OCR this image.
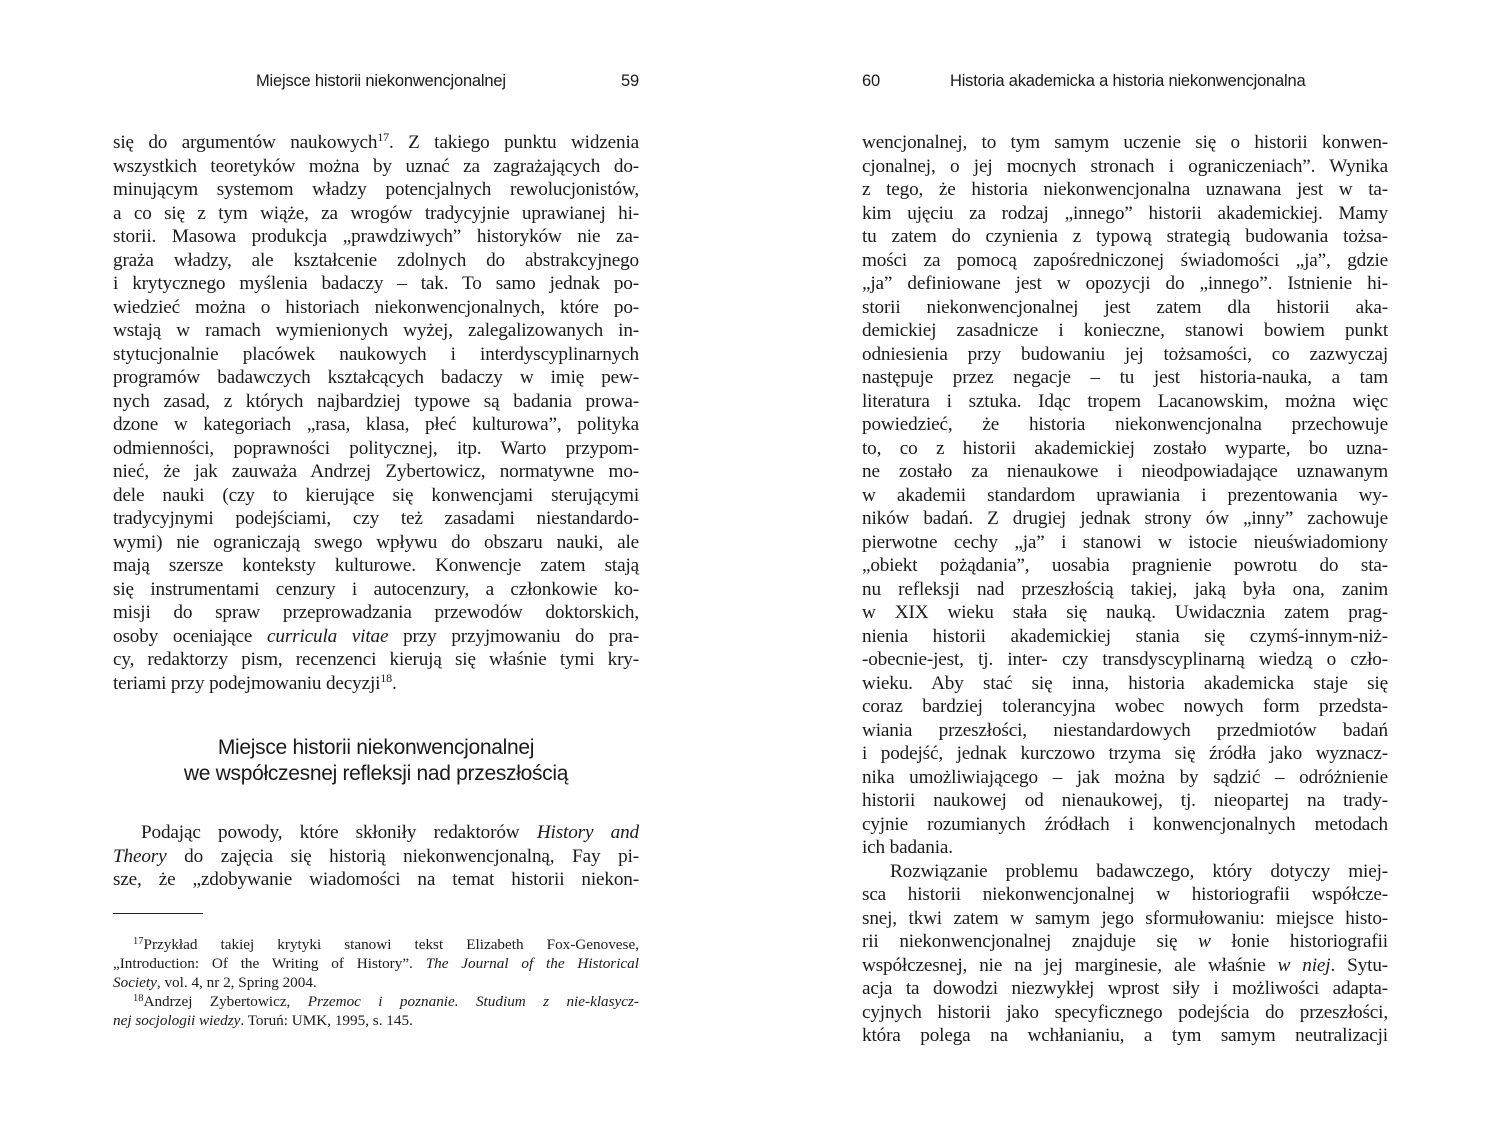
Miejsce historii niekonwencjonalnej	59
się do argumentów naukowych$^{17}$. Z takiego punktu widzenia
wszystkich teoretyków można by uznać za zagrażających do-
minującym systemom władzy potencjalnych rewolucjonistów,
a co się z tym wiąże, za wrogów tradycyjnie uprawianej hi-
storii. Masowa produkcja „prawdziwych” historyków nie za-
graża władzy, ale kształcenie zdolnych do abstrakcyjnego
i krytycznego myślenia badaczy – tak. To samo jednak po-
wiedzieć można o historiach niekonwencjonalnych, które po-
wstają w ramach wymienionych wyżej, zalegalizowanych in-
stytucjonalnie placówek naukowych i interdyscyplinarnych
programów badawczych kształcących badaczy w imię pew-
nych zasad, z których najbardziej typowe są badania prowa-
dzone w kategoriach „rasa, klasa, płeć kulturowa”, polityka
odmienności, poprawności politycznej, itp. Warto przypom-
nieć, że jak zauważa Andrzej Zybertowicz, normatywne mo-
dele nauki (czy to kierujące się konwencjami sterującymi
tradycyjnymi podejściami, czy też zasadami niestandardo-
wymi) nie ograniczają swego wpływu do obszaru nauki, ale
mają szersze konteksty kulturowe. Konwencje zatem stają
się instrumentami cenzury i autocenzury, a członkowie ko-
misji do spraw przeprowadzania przewodów doktorskich,
osoby oceniające curricula vitae przy przyjmowaniu do pra-
cy, redaktorzy pism, recenzenci kierują się właśnie tymi kry-
teriami przy podejmowaniu decyzji$^{18}$.
Miejsce historii niekonwencjonalnej
we współczesnej refleksji nad przeszłością
Podając powody, które skłoniły redaktorów History and
Theory do zajęcia się historią niekonwencjonalną, Fay pi-
sze, że „zdobywanie wiadomości na temat historii niekon-
$^{17}$Przykład takiej krytyki stanowi tekst Elizabeth Fox-Genovese,
„Introduction: Of the Writing of History”. The Journal of the Historical
Society, vol. 4, nr 2, Spring 2004.
$^{18}$Andrzej Zybertowicz, Przemoc i poznanie. Studium z nie-klasycz-
nej socjologii wiedzy. Toruń: UMK, 1995, s. 145.
60	Historia akademicka a historia niekonwencjonalna
wencjonalnej, to tym samym uczenie się o historii konwen-
cjonalnej, o jej mocnych stronach i ograniczeniach”. Wynika
z tego, że historia niekonwencjonalna uznawana jest w ta-
kim ujęciu za rodzaj „innego” historii akademickiej. Mamy
tu zatem do czynienia z typową strategią budowania tożsa-
mości za pomocą zapośredniczonej świadomości „ja”, gdzie
„ja” definiowane jest w opozycji do „innego”. Istnienie hi-
storii niekonwencjonalnej jest zatem dla historii aka-
demickiej zasadnicze i konieczne, stanowi bowiem punkt
odniesienia przy budowaniu jej tożsamości, co zazwyczaj
następuje przez negacje – tu jest historia-nauka, a tam
literatura i sztuka. Idąc tropem Lacanowskim, można więc
powiedzieć, że historia niekonwencjonalna przechowuje
to, co z historii akademickiej zostało wyparte, bo uzna-
ne zostało za nienaukowe i nieodpowiadające uznawanym
w akademii standardom uprawiania i prezentowania wy-
ników badań. Z drugiej jednak strony ów „inny” zachowuje
pierwotne cechy „ja” i stanowi w istocie nieuświadomiony
„obiekt pożądania”, uosabia pragnienie powrotu do sta-
nu refleksji nad przeszłością takiej, jaką była ona, zanim
w XIX wieku stała się nauką. Uwidacznia zatem prag-
nienia historii akademickiej stania się czymś-innym-niż-
-obecnie-jest, tj. inter- czy transdyscyplinarną wiedzą o czło-
wieku. Aby stać się inna, historia akademicka staje się
coraz bardziej tolerancyjna wobec nowych form przedsta-
wiania przeszłości, niestandardowych przedmiotów badań
i podejść, jednak kurczowo trzyma się źródła jako wyznacz-
nika umożliwiającego – jak można by sądzić – odróżnienie
historii naukowej od nienaukowej, tj. nieopartej na trady-
cyjnie rozumianych źródłach i konwencjonalnych metodach
ich badania.
Rozwiązanie problemu badawczego, który dotyczy miej-
sca historii niekonwencjonalnej w historiografii współcze-
snej, tkwi zatem w samym jego sformułowaniu: miejsce histo-
rii niekonwencjonalnej znajduje się w łonie historiografii
współczesnej, nie na jej marginesie, ale właśnie w niej. Sytu-
acja ta dowodzi niezwykłej wprost siły i możliwości adapta-
cyjnych historii jako specyficznego podejścia do przeszłości,
która polega na wchłanianiu, a tym samym neutralizacji
